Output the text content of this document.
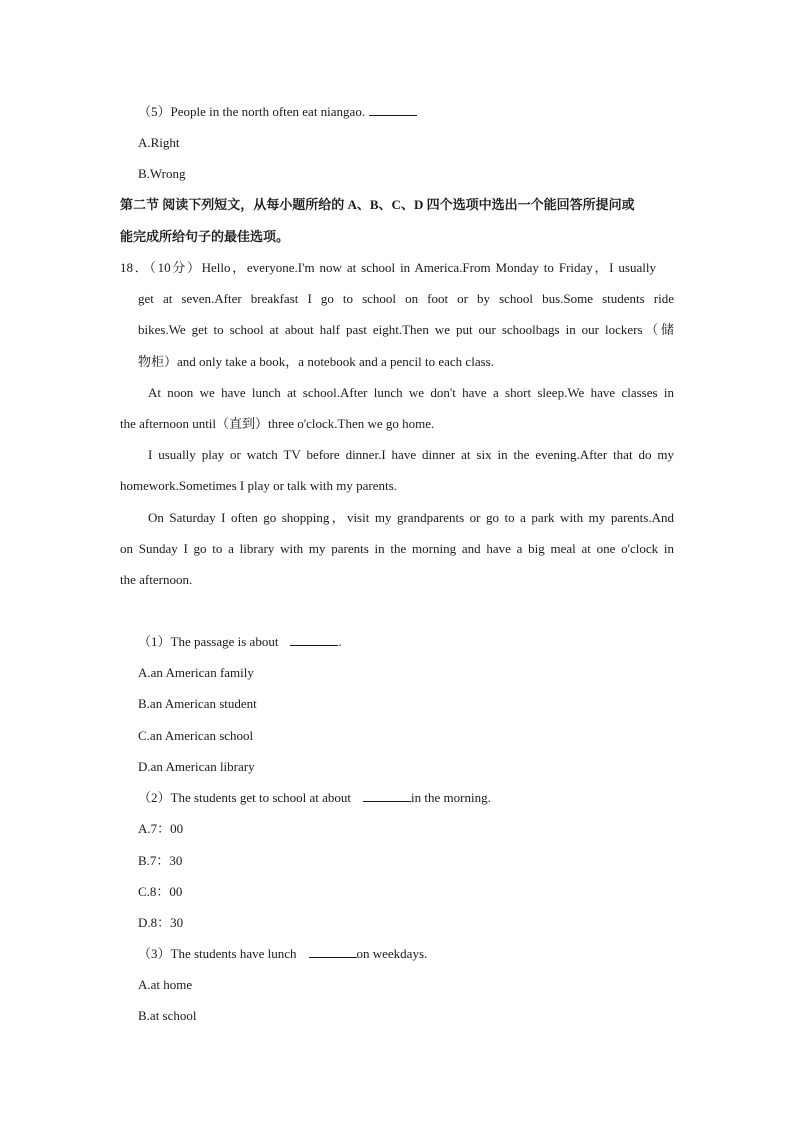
（5）People in the north often eat niangao.
A.Right
B.Wrong
第二节 阅读下列短文，从每小题所给的 A、B、C、D 四个选项中选出一个能回答所提问或
能完成所给句子的最佳选项。
18．（10分）Hello，everyone.I'm now at school in America.From Monday to Friday，I usually
get at seven.After breakfast I go to school on foot or by school bus.Some students ride
bikes.We get to school at about half past eight.Then we put our schoolbags in our lockers（储
物柜）and only take a book，a notebook and a pencil to each class.
At noon we have lunch at school.After lunch we don't have a short sleep.We have classes in
the afternoon until（直到）three o'clock.Then we go home.
I usually play or watch TV before dinner.I have dinner at six in the evening.After that do my
homework.Sometimes I play or talk with my parents.
On Saturday I often go shopping，visit my grandparents or go to a park with my parents.And
on Sunday I go to a library with my parents in the morning and have a big meal at one o'clock in
the afternoon.
（1）The passage is about	.
A.an American family
B.an American student
C.an American school
D.an American library
（2）The students get to school at about	in the morning.
A.7：00
B.7：30
C.8：00
D.8：30
（3）The students have lunch	on weekdays.
A.at home
B.at school
